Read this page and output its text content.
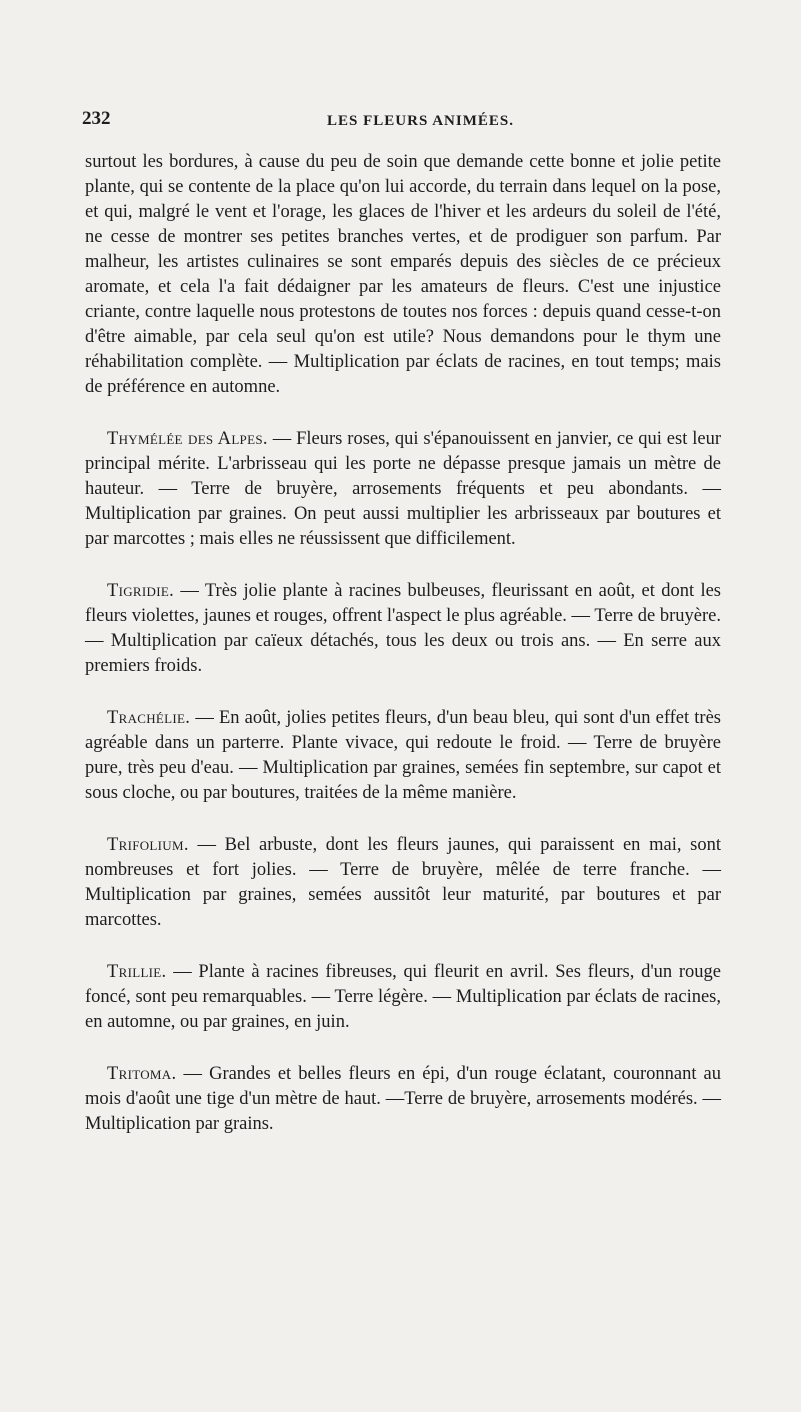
232	LES FLEURS ANIMÉES.

surtout les bordures, à cause du peu de soin que demande cette bonne et jolie petite plante, qui se contente de la place qu'on lui accorde, du terrain dans lequel on la pose, et qui, malgré le vent et l'orage, les glaces de l'hiver et les ardeurs du soleil de l'été, ne cesse de montrer ses petites branches vertes, et de prodiguer son parfum. Par malheur, les artistes culinaires se sont emparés depuis des siècles de ce précieux aromate, et cela l'a fait dédaigner par les amateurs de fleurs. C'est une injustice criante, contre laquelle nous protestons de toutes nos forces : depuis quand cesse-t-on d'être aimable, par cela seul qu'on est utile? Nous demandons pour le thym une réhabilitation complète. — Multiplication par éclats de racines, en tout temps; mais de préférence en automne.

Thymélée des Alpes. — Fleurs roses, qui s'épanouissent en janvier, ce qui est leur principal mérite. L'arbrisseau qui les porte ne dépasse presque jamais un mètre de hauteur. — Terre de bruyère, arrosements fréquents et peu abondants. — Multiplication par graines. On peut aussi multiplier les arbrisseaux par boutures et par marcottes ; mais elles ne réussissent que difficilement.

Tigridie. — Très jolie plante à racines bulbeuses, fleurissant en août, et dont les fleurs violettes, jaunes et rouges, offrent l'aspect le plus agréable. — Terre de bruyère. — Multiplication par caïeux détachés, tous les deux ou trois ans. — En serre aux premiers froids.

Trachélie. — En août, jolies petites fleurs, d'un beau bleu, qui sont d'un effet très agréable dans un parterre. Plante vivace, qui redoute le froid. — Terre de bruyère pure, très peu d'eau. — Multiplication par graines, semées fin septembre, sur capot et sous cloche, ou par boutures, traitées de la même manière.

Trifolium. — Bel arbuste, dont les fleurs jaunes, qui paraissent en mai, sont nombreuses et fort jolies. — Terre de bruyère, mêlée de terre franche. — Multiplication par graines, semées aussitôt leur maturité, par boutures et par marcottes.

Trillie. — Plante à racines fibreuses, qui fleurit en avril. Ses fleurs, d'un rouge foncé, sont peu remarquables. — Terre légère. — Multiplication par éclats de racines, en automne, ou par graines, en juin.

Tritoma. — Grandes et belles fleurs en épi, d'un rouge éclatant, couronnant au mois d'août une tige d'un mètre de haut. —Terre de bruyère, arrosements modérés. — Multiplication par grains.
